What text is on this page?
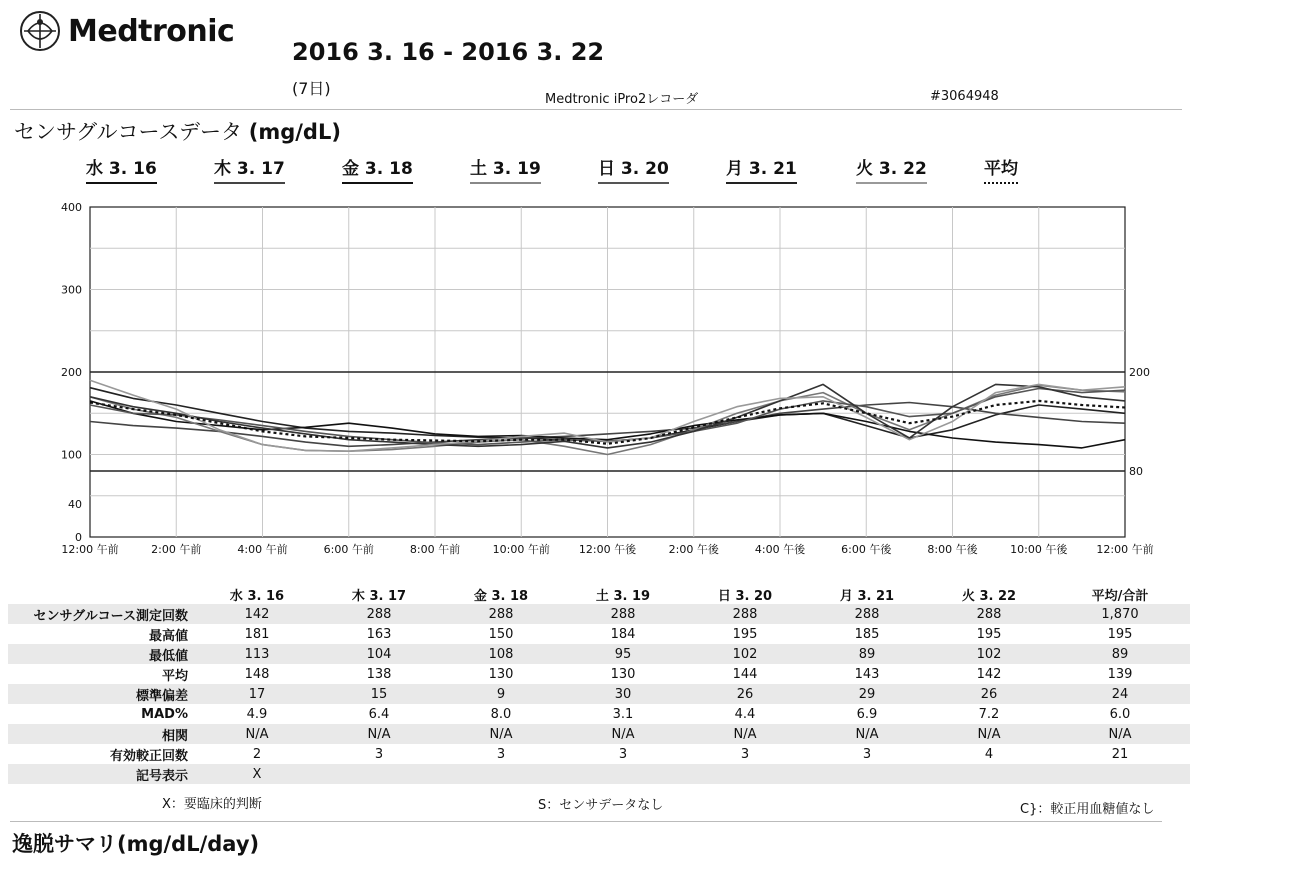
Medtronic
2016 3. 16 - 2016 3. 22
(7日)
Medtronic iPro2レコーダ	#3064948
センサグルコースデータ (mg/dL)
水 3. 16	木 3. 17	金 3. 18	土 3. 19	日 3. 20	月 3. 21	火 3. 22	平均
200
80
0
40
100
200
300
400
12:00 午前	2:00 午前	4:00 午前	6:00 午前	8:00 午前	10:00 午前	12:00 午後	2:00 午後	4:00 午後	6:00 午後	8:00 午後	10:00 午後	12:00 午前
	水 3. 16	木 3. 17	金 3. 18	土 3. 19	日 3. 20	月 3. 21	火 3. 22	平均/合計
センサグルコース測定回数	142	288	288	288	288	288	288	1,870
最高値	181	163	150	184	195	185	195	195
最低値	113	104	108	95	102	89	102	89
平均	148	138	130	130	144	143	142	139
標準偏差	17	15	9	30	26	29	26	24
MAD%	4.9	6.4	8.0	3.1	4.4	6.9	7.2	6.0
相関	N/A	N/A	N/A	N/A	N/A	N/A	N/A	N/A
有効較正回数	2	3	3	3	3	3	4	21
記号表示	X							
X：要臨床的判断	S：センサデータなし	C}：較正用血糖値なし
逸脱サマリ(mg/dL/day)
